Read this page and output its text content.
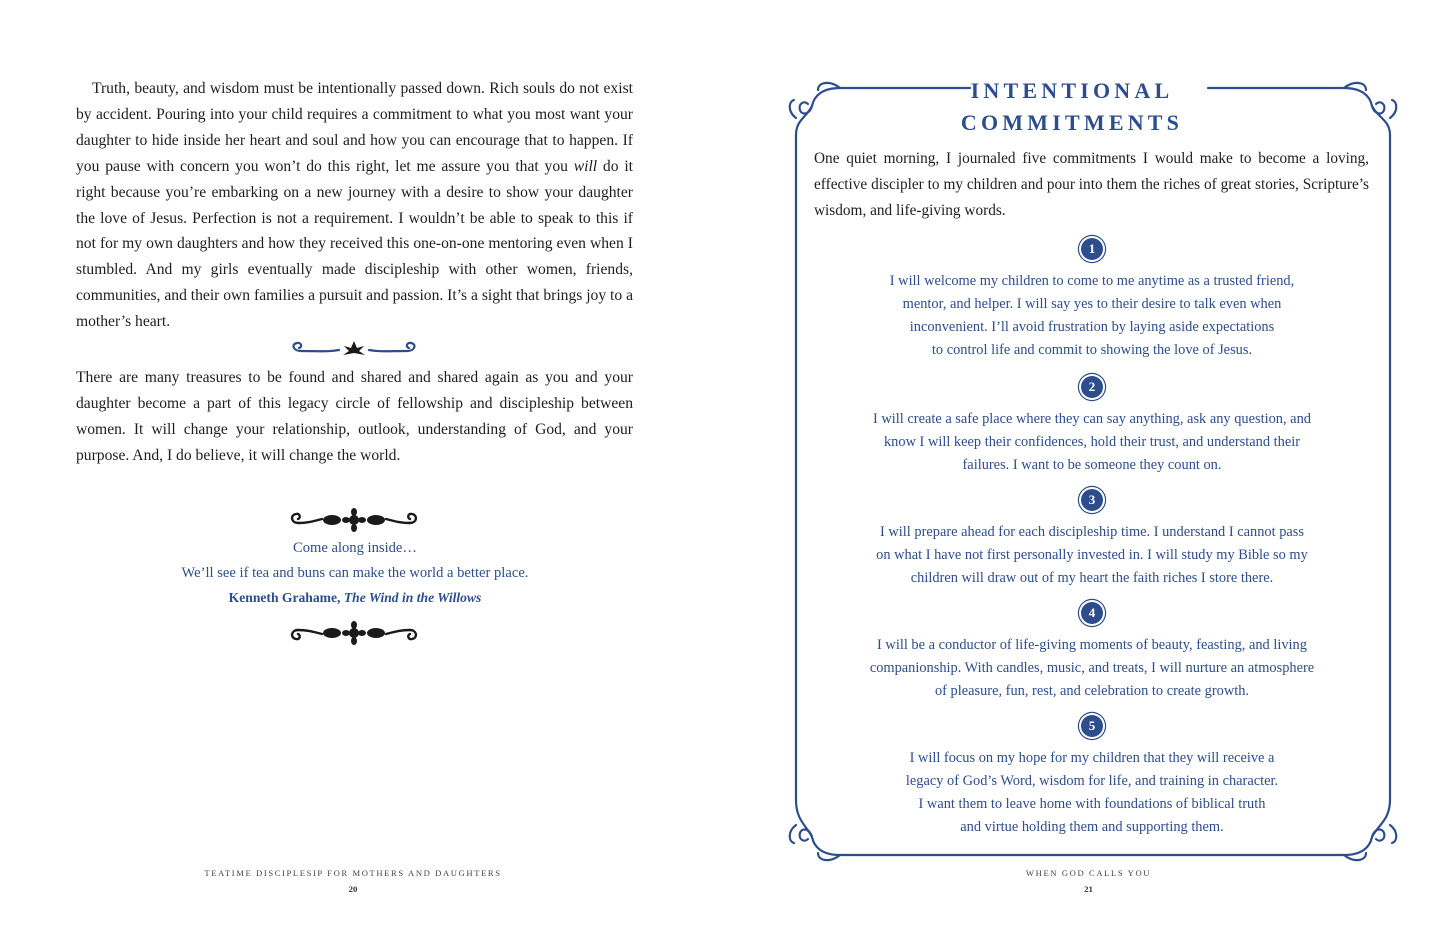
Truth, beauty, and wisdom must be intentionally passed down. Rich souls do not exist by accident. Pouring into your child requires a commitment to what you most want your daughter to hide inside her heart and soul and how you can encourage that to happen. If you pause with concern you won’t do this right, let me assure you that you will do it right because you’re embarking on a new journey with a desire to show your daughter the love of Jesus. Perfection is not a requirement. I wouldn’t be able to speak to this if not for my own daughters and how they received this one-on-one mentoring even when I stumbled. And my girls eventually made discipleship with other women, friends, communities, and their own families a pursuit and passion. It’s a sight that brings joy to a mother’s heart.

There are many treasures to be found and shared and shared again as you and your daughter become a part of this legacy circle of fellowship and discipleship between women. It will change your relationship, outlook, understanding of God, and your purpose. And, I do believe, it will change the world.

Come along inside…
We’ll see if tea and buns can make the world a better place.
Kenneth Grahame, The Wind in the Willows
TEATIME DISCIPLESIP FOR MOTHERS AND DAUGHTERS
20
INTENTIONAL
COMMITMENTS

One quiet morning, I journaled five commitments I would make to become a loving, effective discipler to my children and pour into them the riches of great stories, Scripture’s wisdom, and life-giving words.

1
I will welcome my children to come to me anytime as a trusted friend,
mentor, and helper. I will say yes to their desire to talk even when
inconvenient. I’ll avoid frustration by laying aside expectations
to control life and commit to showing the love of Jesus.
2
I will create a safe place where they can say anything, ask any question, and
know I will keep their confidences, hold their trust, and understand their
failures. I want to be someone they count on.
3
I will prepare ahead for each discipleship time. I understand I cannot pass
on what I have not first personally invested in. I will study my Bible so my
children will draw out of my heart the faith riches I store there.
4
I will be a conductor of life-giving moments of beauty, feasting, and living
companionship. With candles, music, and treats, I will nurture an atmosphere
of pleasure, fun, rest, and celebration to create growth.
5
I will focus on my hope for my children that they will receive a
legacy of God’s Word, wisdom for life, and training in character.
I want them to leave home with foundations of biblical truth
and virtue holding them and supporting them.
WHEN GOD CALLS YOU
21
